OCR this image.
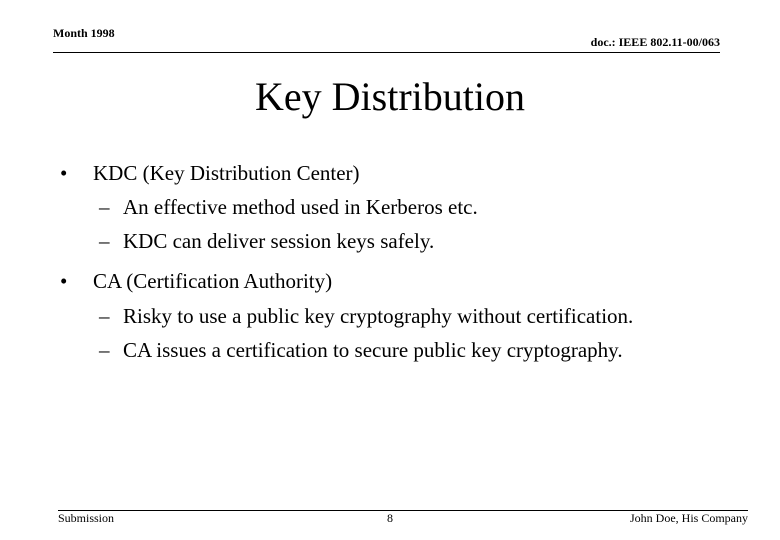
Month 1998
doc.: IEEE 802.11-00/063
Key Distribution
• KDC (Key Distribution Center)
– An effective method used in Kerberos etc.
– KDC can deliver session keys safely.
• CA (Certification Authority)
– Risky to use a public key cryptography without certification.
– CA issues a certification to secure public key cryptography.
Submission	8	John Doe, His Company
